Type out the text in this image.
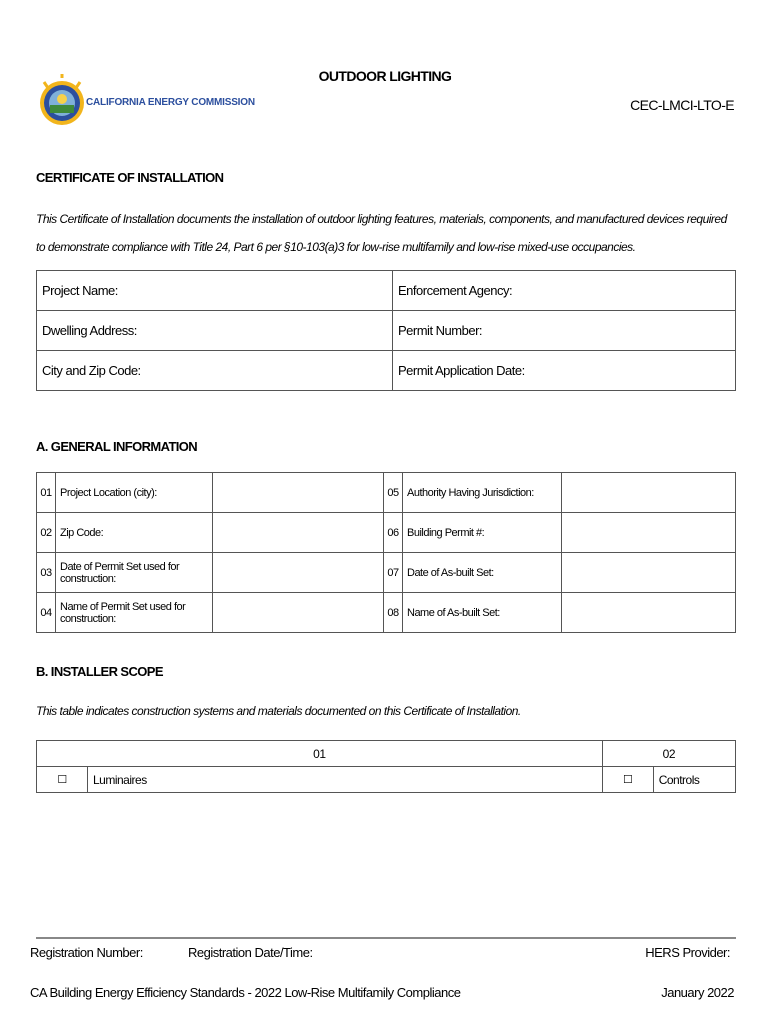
OUTDOOR LIGHTING
CEC-LMCI-LTO-E
CALIFORNIA ENERGY COMMISSION
CERTIFICATE OF INSTALLATION
This Certificate of Installation documents the installation of outdoor lighting features, materials, components, and manufactured devices required to demonstrate compliance with Title 24, Part 6 per §10-103(a)3 for low-rise multifamily and low-rise mixed-use occupancies.
Project Name:	Enforcement Agency:
Dwelling Address:	Permit Number:
City and Zip Code:	Permit Application Date:
A. GENERAL INFORMATION
01	Project Location (city):		05	Authority Having Jurisdiction:	
02	Zip Code:		06	Building Permit #:	
03	Date of Permit Set used for construction:		07	Date of As-built Set:	
04	Name of Permit Set used for construction:		08	Name of As-built Set:	
B. INSTALLER SCOPE
This table indicates construction systems and materials documented on this Certificate of Installation.
01		02	
☐	Luminaires	☐	Controls
Registration Number:	Registration Date/Time:	HERS Provider:
CA Building Energy Efficiency Standards - 2022 Low-Rise Multifamily Compliance	January 2022
